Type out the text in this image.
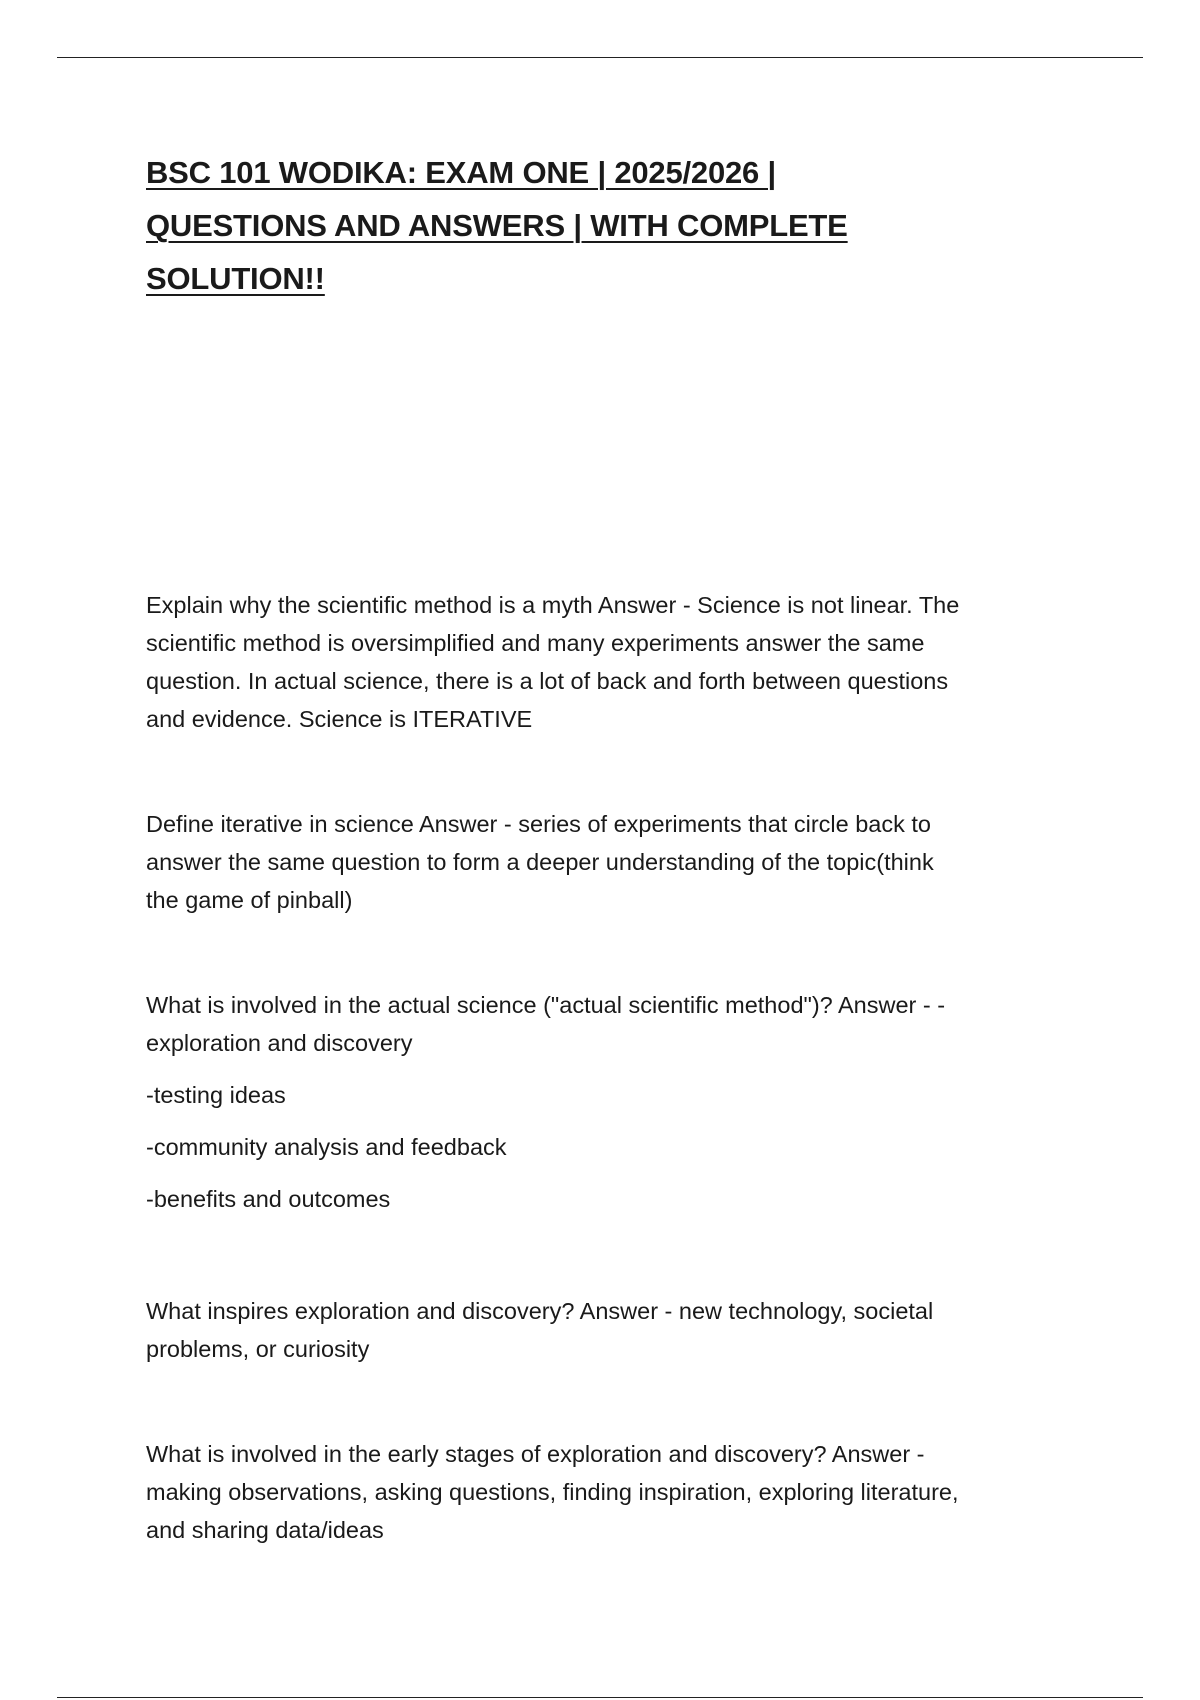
BSC 101 WODIKA: EXAM ONE | 2025/2026 |
QUESTIONS AND ANSWERS | WITH COMPLETE
SOLUTION!!

Explain why the scientific method is a myth Answer - Science is not linear. The

scientific method is oversimplified and many experiments answer the same

question. In actual science, there is a lot of back and forth between questions

and evidence. Science is ITERATIVE

Define iterative in science Answer - series of experiments that circle back to

answer the same question to form a deeper understanding of the topic(think

the game of pinball)

What is involved in the actual science ("actual scientific method")? Answer - -

exploration and discovery

-testing ideas

-community analysis and feedback

-benefits and outcomes

What inspires exploration and discovery? Answer - new technology, societal

problems, or curiosity

What is involved in the early stages of exploration and discovery? Answer -

making observations, asking questions, finding inspiration, exploring literature,

and sharing data/ideas
